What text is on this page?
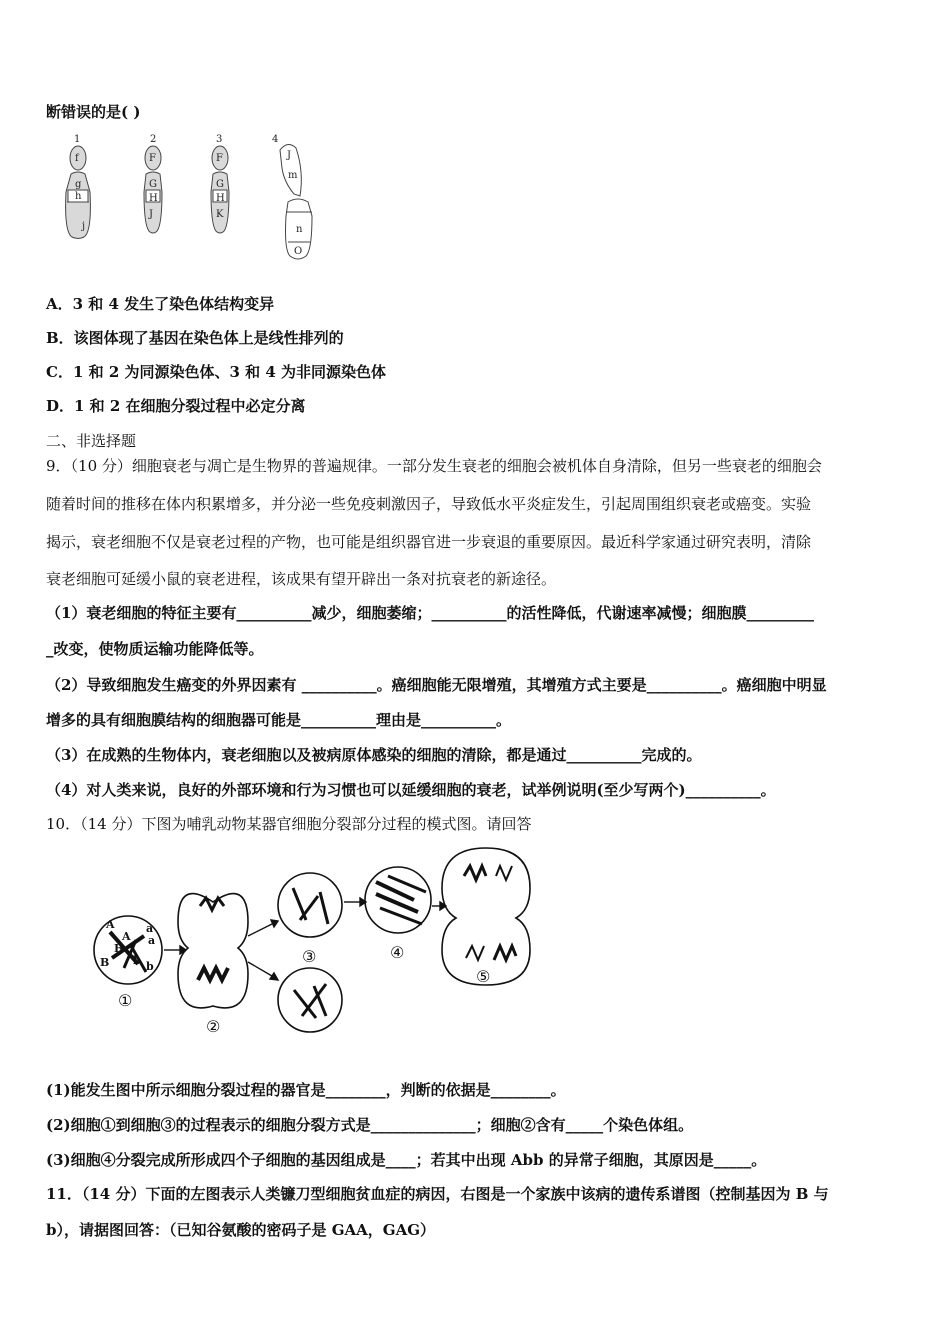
断错误的是( )
1	2	3	4
f
g
h
j
F
G
H
J
F
G
H
K
J
m
n
O
A．3 和 4 发生了染色体结构变异
B．该图体现了基因在染色体上是线性排列的
C．1 和 2 为同源染色体、3 和 4 为非同源染色体
D．1 和 2 在细胞分裂过程中必定分离
二、非选择题
9．（10 分）细胞衰老与凋亡是生物界的普遍规律。一部分发生衰老的细胞会被机体自身清除，但另一些衰老的细胞会
随着时间的推移在体内积累增多，并分泌一些免疫刺激因子，导致低水平炎症发生，引起周围组织衰老或癌变。实验
揭示，衰老细胞不仅是衰老过程的产物，也可能是组织器官进一步衰退的重要原因。最近科学家通过研究表明，清除
衰老细胞可延缓小鼠的衰老进程，该成果有望开辟出一条对抗衰老的新途径。
（1）衰老细胞的特征主要有__________减少，细胞萎缩；__________的活性降低，代谢速率减慢；细胞膜_________
_改变，使物质运输功能降低等。
（2）导致细胞发生癌变的外界因素有 __________。癌细胞能无限增殖，其增殖方式主要是__________。癌细胞中明显
增多的具有细胞膜结构的细胞器可能是__________理由是__________。
（3）在成熟的生物体内，衰老细胞以及被病原体感染的细胞的清除，都是通过__________完成的。
（4）对人类来说，良好的外部环境和行为习惯也可以延缓细胞的衰老，试举例说明(至少写两个)__________。
10．（14 分）下图为哺乳动物某器官细胞分裂部分过程的模式图。请回答
A	a
B
b
A a
B	b
①
②
③	④
⑤
(1)能发生图中所示细胞分裂过程的器官是________，判断的依据是________。
(2)细胞①到细胞③的过程表示的细胞分裂方式是______________；细胞②含有_____个染色体组。
(3)细胞④分裂完成所形成四个子细胞的基因组成是____；若其中出现 Abb 的异常子细胞，其原因是_____。
11．（14 分）下面的左图表示人类镰刀型细胞贫血症的病因，右图是一个家族中该病的遗传系谱图（控制基因为 B 与
b），请据图回答：（已知谷氨酸的密码子是 GAA，GAG）
